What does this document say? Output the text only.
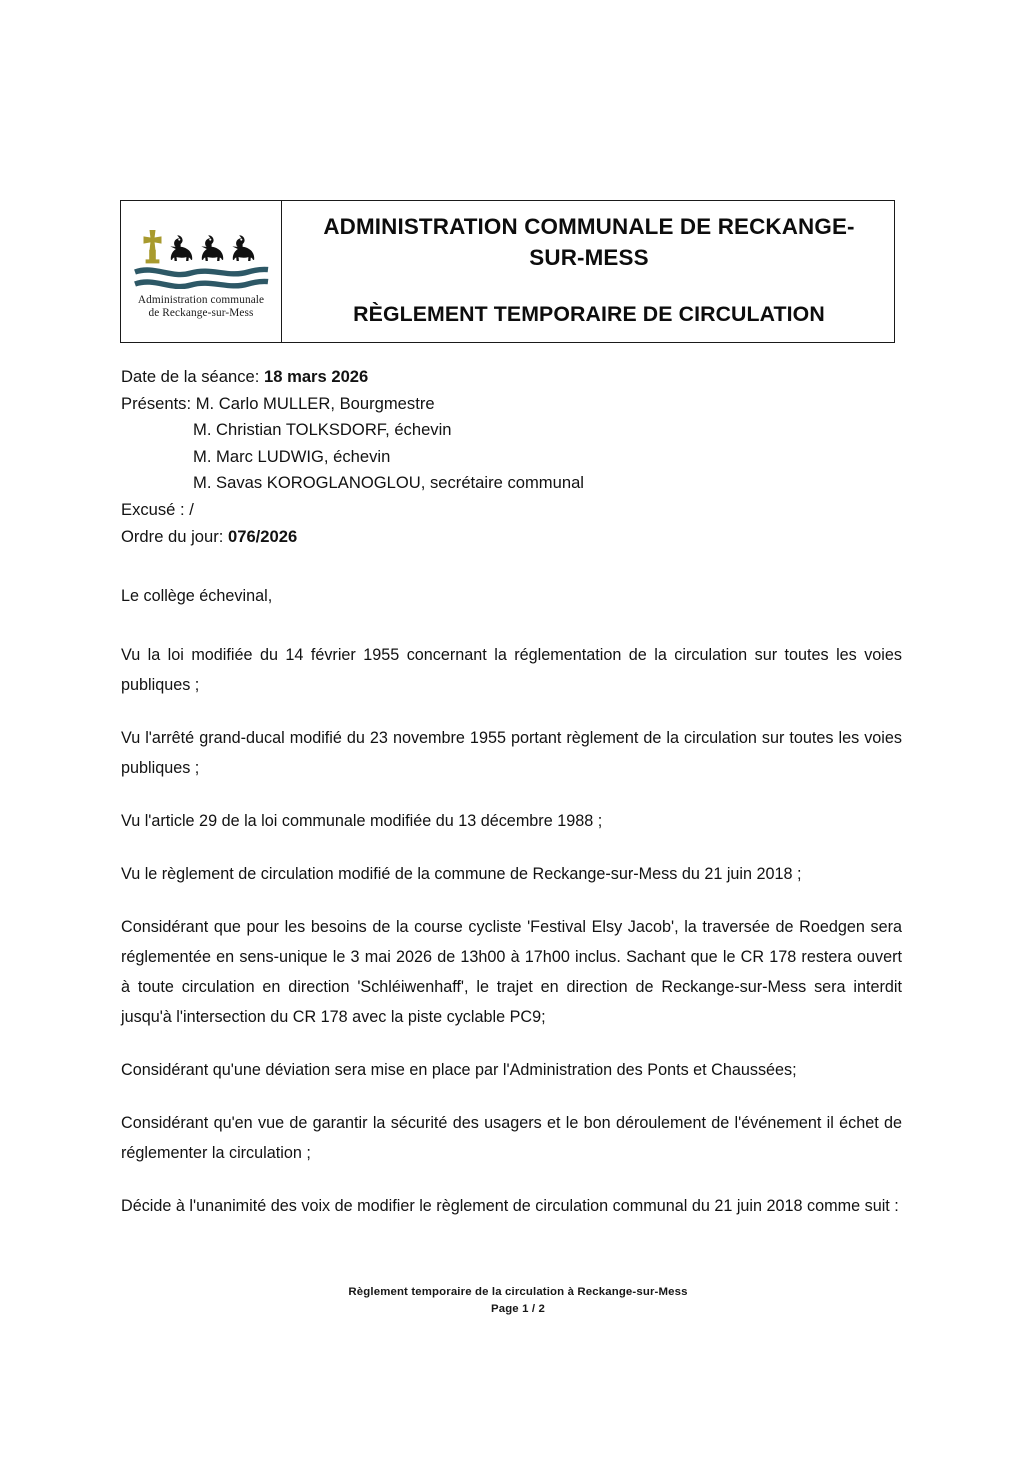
Administration communale
de Reckange-sur-Mess
ADMINISTRATION COMMUNALE DE RECKANGE-
SUR-MESS
RÈGLEMENT TEMPORAIRE DE CIRCULATION
Date de la séance: 18 mars 2026
Présents: M. Carlo MULLER, Bourgmestre
M. Christian TOLKSDORF, échevin
M. Marc LUDWIG, échevin
M. Savas KOROGLANOGLOU, secrétaire communal
Excusé : /
Ordre du jour: 076/2026

Le collège échevinal,

Vu la loi modifiée du 14 février 1955 concernant la réglementation de la circulation sur toutes les voies publiques ;

Vu l'arrêté grand-ducal modifié du 23 novembre 1955 portant règlement de la circulation sur toutes les voies publiques ;

Vu l'article 29 de la loi communale modifiée du 13 décembre 1988 ;

Vu le règlement de circulation modifié de la commune de Reckange-sur-Mess du 21 juin 2018 ;

Considérant que pour les besoins de la course cycliste 'Festival Elsy Jacob', la traversée de Roedgen sera réglementée en sens-unique le 3 mai 2026 de 13h00 à 17h00 inclus. Sachant que le CR 178 restera ouvert à toute circulation en direction 'Schléiwenhaff', le trajet en direction de Reckange-sur-Mess sera interdit jusqu'à l'intersection du CR 178 avec la piste cyclable PC9;

Considérant qu'une déviation sera mise en place par l'Administration des Ponts et Chaussées;

Considérant qu'en vue de garantir la sécurité des usagers et le bon déroulement de l'événement il échet de réglementer la circulation ;

Décide à l'unanimité des voix de modifier le règlement de circulation communal du 21 juin 2018 comme suit :

Règlement temporaire de la circulation à Reckange-sur-Mess
Page 1 / 2
